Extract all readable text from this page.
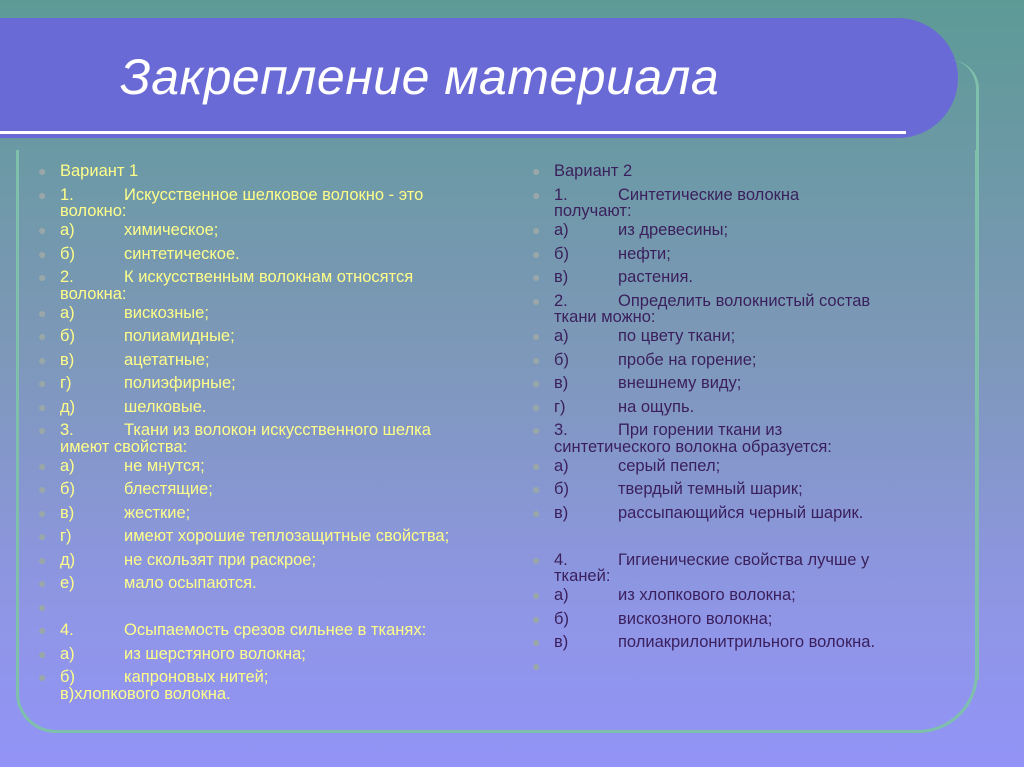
Закрепление материала
● Вариант 1
● 1.	Искусственное шелковое волокно - это
волокно:
● а)	химическое;
● б)	синтетическое.
● 2.	К искусственным волокнам относятся
волокна:
● а)	вискозные;
● б)	полиамидные;
● в)	ацетатные;
● г)	полиэфирные;
● д)	шелковые.
● 3.	Ткани из волокон искусственного шелка
имеют свойства:
● а)	не мнутся;
● б)	блестящие;
● в)	жесткие;
● г)	имеют хорошие теплозащитные свойства;
● д)	не скользят при раскрое;
● е)	мало осыпаются.
●
● 4.	Осыпаемость срезов сильнее в тканях:
● а)	из шерстяного волокна;
● б)	капроновых нитей;
в)хлопкового волокна.
● Вариант 2
● 1.	Синтетические волокна
получают:
● а)	из древесины;
● б)	нефти;
● в)	растения.
● 2.	Определить волокнистый состав
ткани можно:
● а)	по цвету ткани;
● б)	пробе на горение;
● в)	внешнему виду;
● г)	на ощупь.
● 3.	При горении ткани из
синтетического волокна образуется:
● а)	серый пепел;
● б)	твердый темный шарик;
● в)	рассыпающийся черный шарик.
● 4.	Гигиенические свойства лучше у
тканей:
● а)	из хлопкового волокна;
● б)	вискозного волокна;
● в)	полиакрилонитрильного волокна.
●
